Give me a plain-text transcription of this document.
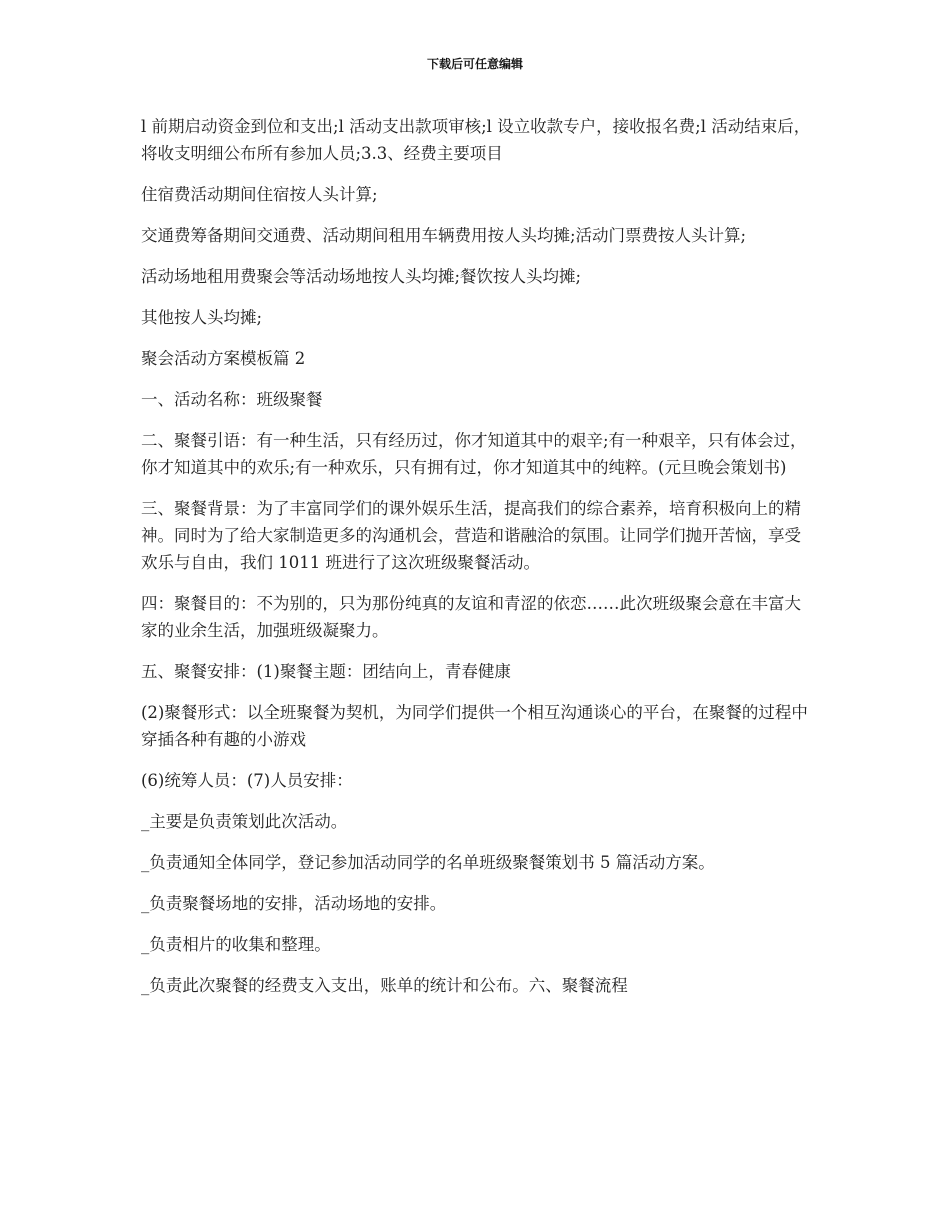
下载后可任意编辑

l 前期启动资金到位和支出;l 活动支出款项审核;l 设立收款专户，接收报名费;l 活动结束后，将收支明细公布所有参加人员;3.3、经费主要项目

住宿费活动期间住宿按人头计算;

交通费筹备期间交通费、活动期间租用车辆费用按人头均摊;活动门票费按人头计算;

活动场地租用费聚会等活动场地按人头均摊;餐饮按人头均摊;

其他按人头均摊;

聚会活动方案模板篇 2

一、活动名称：班级聚餐

二、聚餐引语：有一种生活，只有经历过，你才知道其中的艰辛;有一种艰辛，只有体会过，你才知道其中的欢乐;有一种欢乐，只有拥有过，你才知道其中的纯粹。(元旦晚会策划书)

三、聚餐背景：为了丰富同学们的课外娱乐生活，提高我们的综合素养，培育积极向上的精神。同时为了给大家制造更多的沟通机会，营造和谐融洽的氛围。让同学们抛开苦恼，享受欢乐与自由，我们 1011 班进行了这次班级聚餐活动。

四：聚餐目的：不为别的，只为那份纯真的友谊和青涩的依恋……此次班级聚会意在丰富大家的业余生活，加强班级凝聚力。

五、聚餐安排：(1)聚餐主题：团结向上，青春健康

(2)聚餐形式：以全班聚餐为契机，为同学们提供一个相互沟通谈心的平台，在聚餐的过程中穿插各种有趣的小游戏

(6)统筹人员：(7)人员安排：

_主要是负责策划此次活动。

_负责通知全体同学，登记参加活动同学的名单班级聚餐策划书 5 篇活动方案。

_负责聚餐场地的安排，活动场地的安排。

_负责相片的收集和整理。

_负责此次聚餐的经费支入支出，账单的统计和公布。六、聚餐流程
